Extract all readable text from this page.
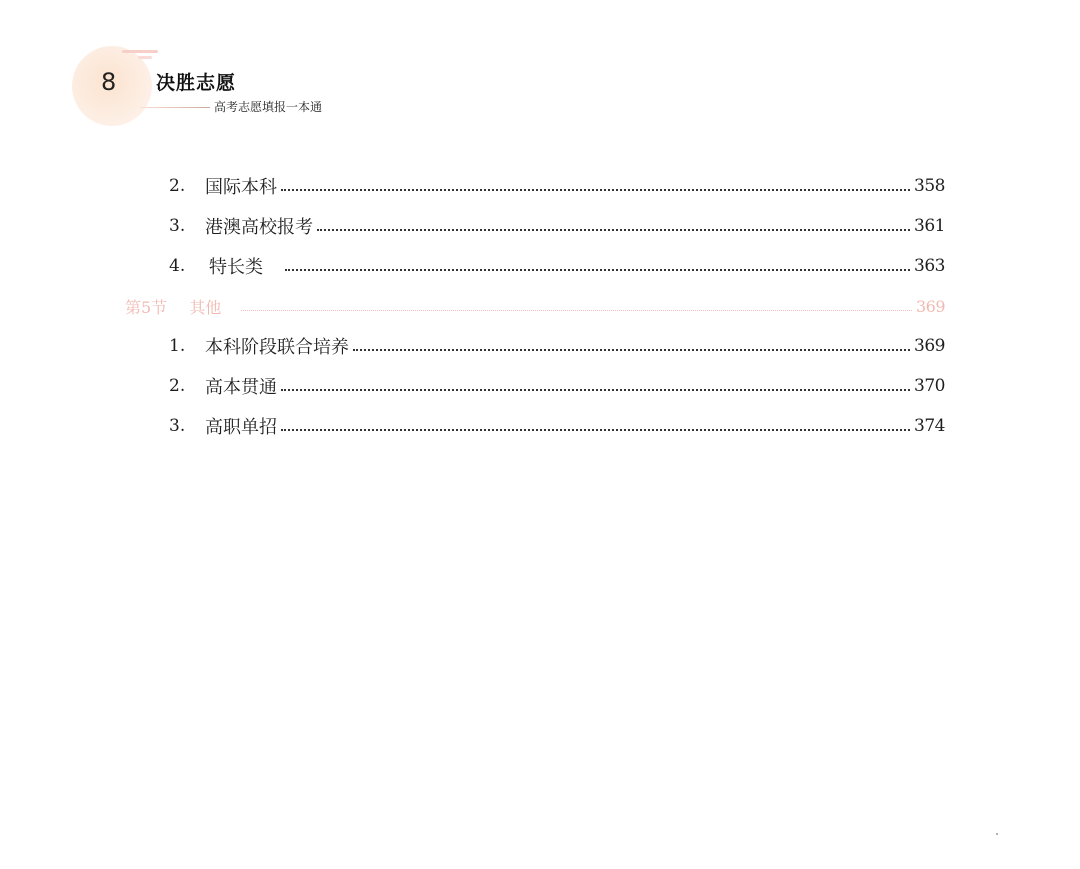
8 决胜志愿
高考志愿填报一本通
2.	国际本科	358
3.	港澳高校报考	361
4.	特长类	363
第5节 其他	369
1.	本科阶段联合培养	369
2.	高本贯通	370
3.	高职单招	374
